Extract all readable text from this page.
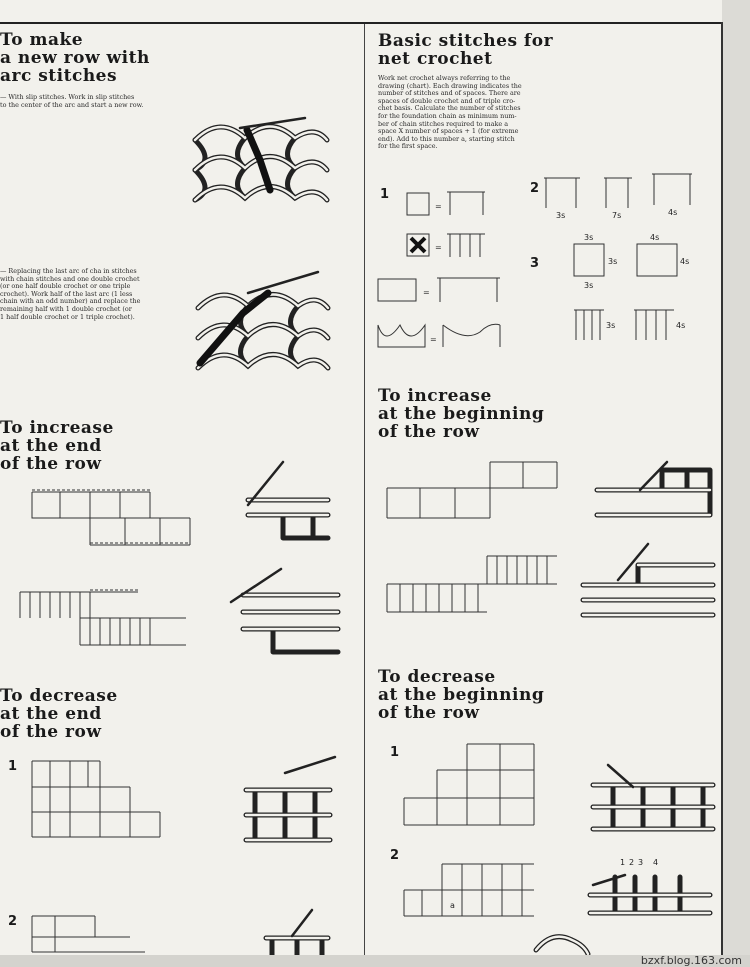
To make
a new row with
arc stitches

— With slip stitches. Work in slip stitches
to the center of the arc and start a new row.

— Replacing the last arc of cha in stitches
with chain stitches and one double crochet
(or one half double crochet or one triple
crochet). Work half of the last arc (1 less
chain with an odd number) and replace the
remaining half with 1 double crochet (or
1 half double crochet or 1 triple crochet).

To increase
at the end
of the row
To decrease
at the end
of the row
1
2
Basic stitches for
net crochet

Work net crochet always referring to the
drawing (chart). Each drawing indicates the
number of stitches and of spaces. There are
spaces of double crochet and of triple cro-
chet basis. Calculate the number of stitches
for the foundation chain as minimum num-
ber of chain stitches required to make a
space X number of spaces + 1 (for extreme
end). Add to this number a, starting stitch
for the first space.

1	2
3
=
=
=
=
3s	7s	4s
3s
3s
3s
4s
4s
3s	4s
To increase
at the beginning
of the row
To decrease
at the beginning
of the row
1
2
a
1 2 3 4
bzxf.blog.163.com
